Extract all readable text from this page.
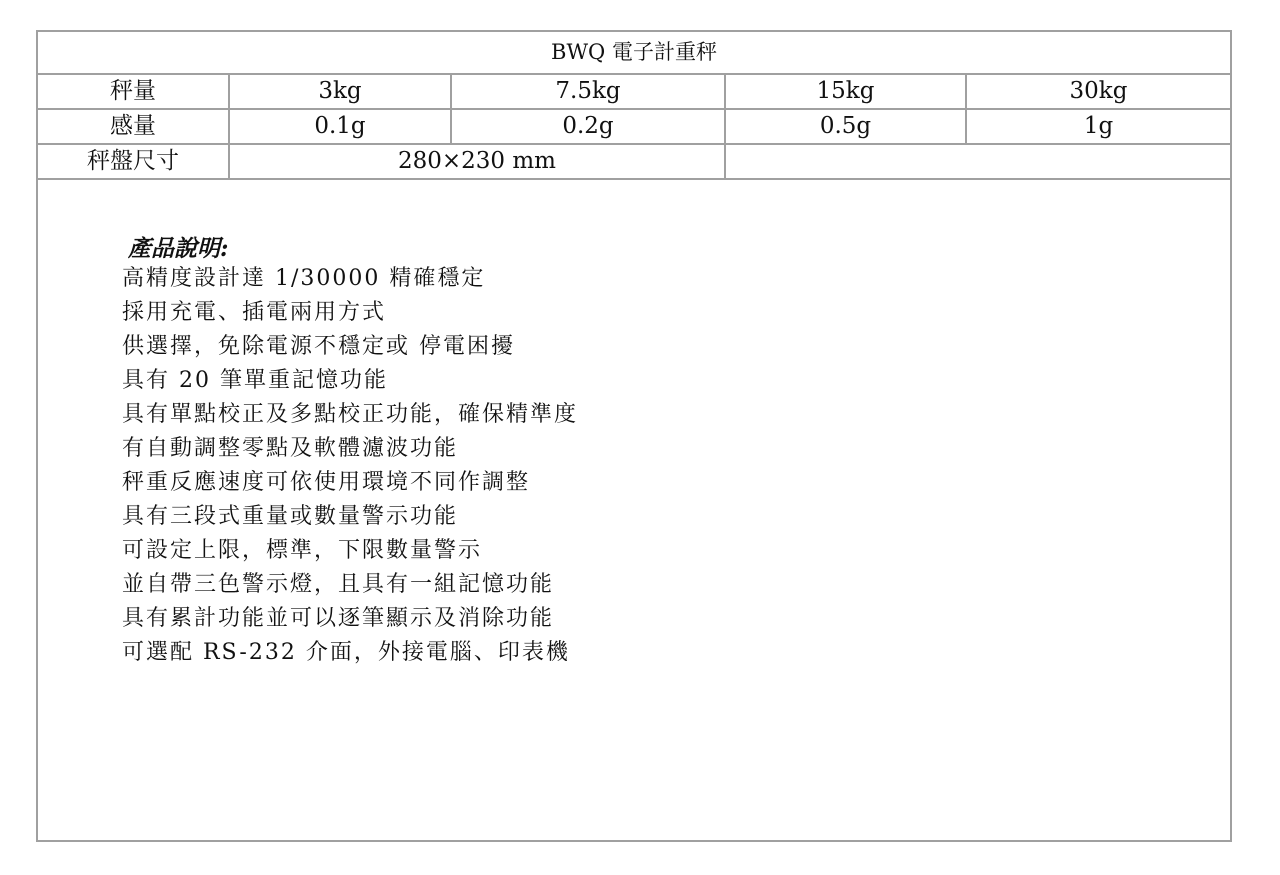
BWQ 電子計重秤				
秤量	3kg	7.5kg	15kg	30kg
感量	0.1g	0.2g	0.5g	1g
秤盤尺寸	280×230 mm			
產品說明:
高精度設計達 1/30000 精確穩定
採用充電、插電兩用方式
供選擇，免除電源不穩定或 停電困擾
具有 20 筆單重記憶功能
具有單點校正及多點校正功能，確保精準度
有自動調整零點及軟體濾波功能
秤重反應速度可依使用環境不同作調整
具有三段式重量或數量警示功能
可設定上限，標準，下限數量警示
並自帶三色警示燈，且具有一組記憶功能
具有累計功能並可以逐筆顯示及消除功能
可選配 RS-232 介面，外接電腦、印表機
